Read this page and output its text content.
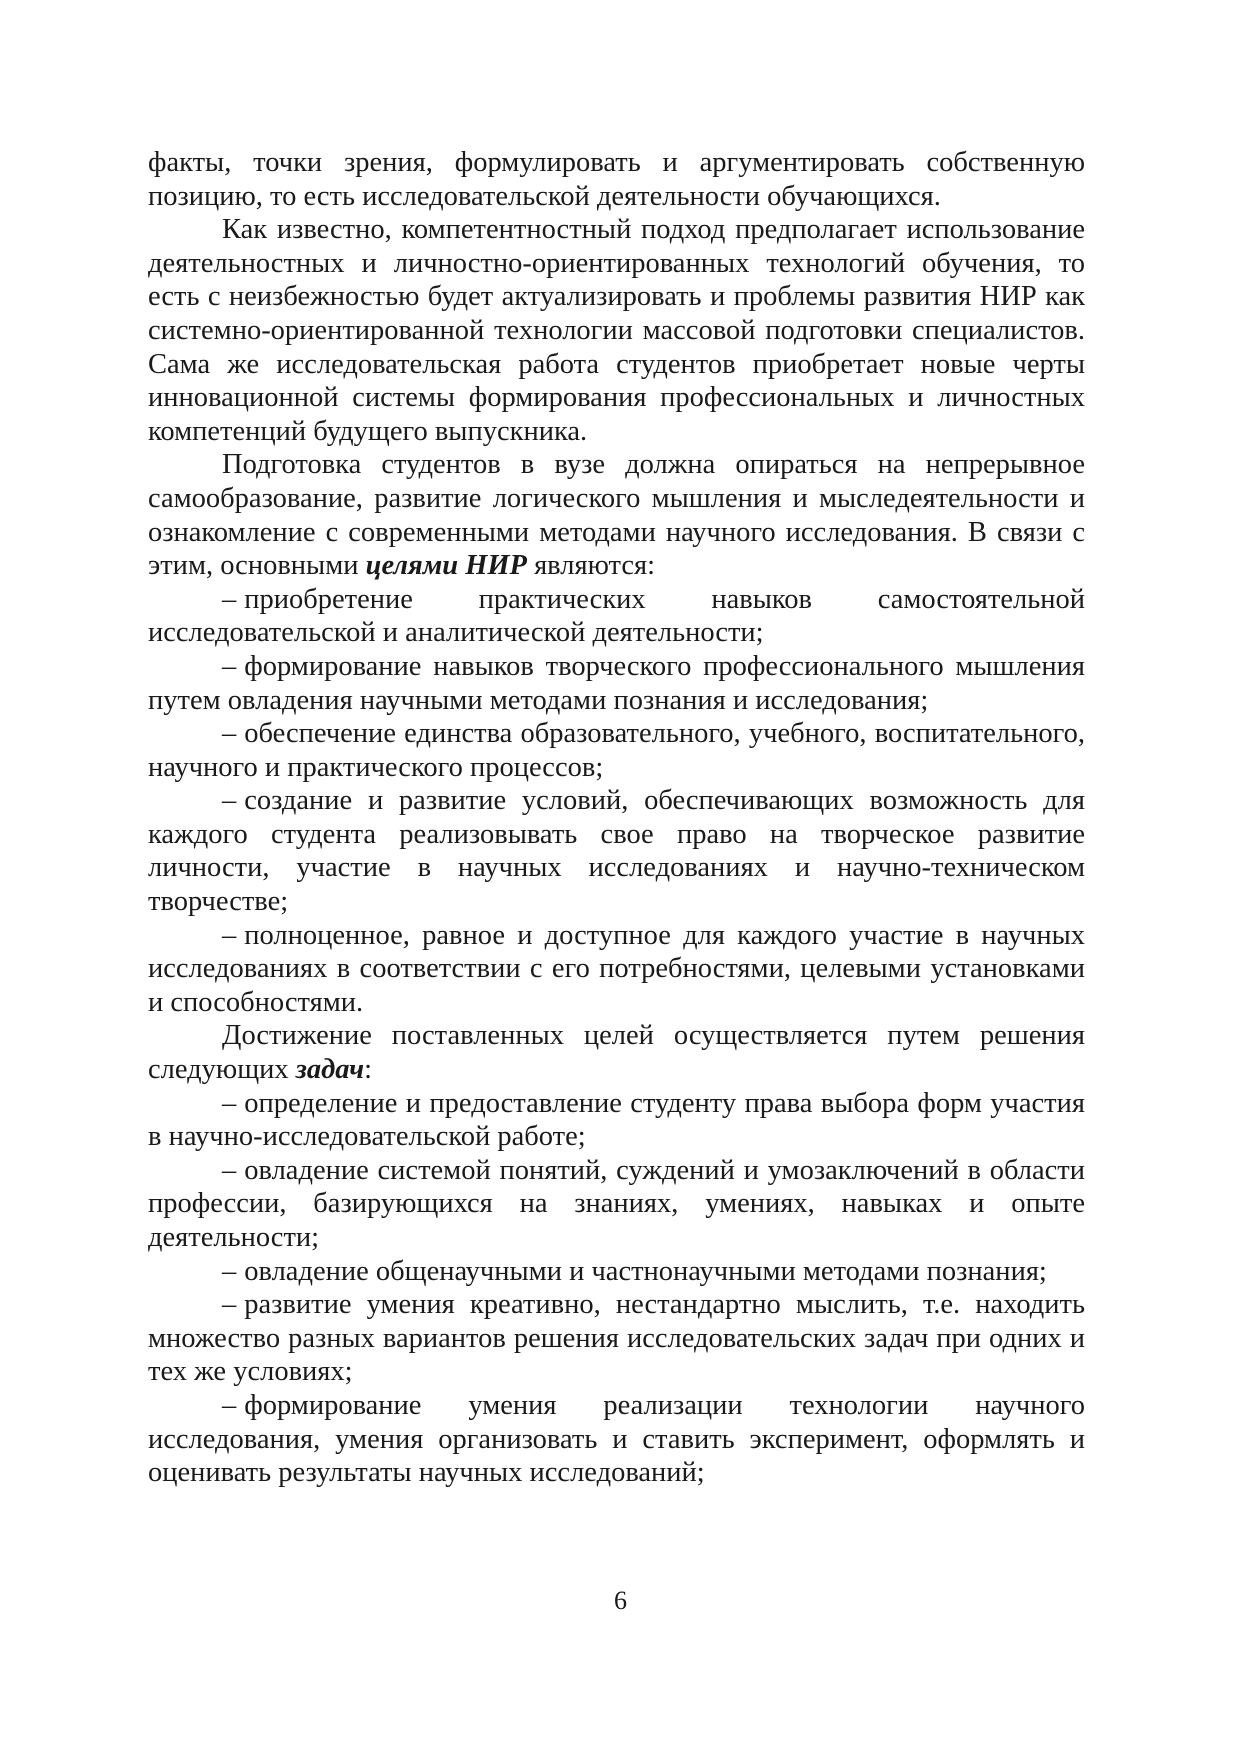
факты, точки зрения, формулировать и аргументировать собственную позицию, то есть исследовательской деятельности обучающихся.

Как известно, компетентностный подход предполагает использование деятельностных и личностно-ориентированных технологий обучения, то есть с неизбежностью будет актуализировать и проблемы развития НИР как системно-ориентированной технологии массовой подготовки специалистов. Сама же исследовательская работа студентов приобретает новые черты инновационной системы формирования профессиональных и личностных компетенций будущего выпускника.

Подготовка студентов в вузе должна опираться на непрерывное самообразование, развитие логического мышления и мыследеятельности и ознакомление с современными методами научного исследования. В связи с этим, основными целями НИР являются:

– приобретение практических навыков самостоятельной исследовательской и аналитической деятельности;

– формирование навыков творческого профессионального мышления путем овладения научными методами познания и исследования;

– обеспечение единства образовательного, учебного, воспитательного, научного и практического процессов;

– создание и развитие условий, обеспечивающих возможность для каждого студента реализовывать свое право на творческое развитие личности, участие в научных исследованиях и научно-техническом творчестве;

– полноценное, равное и доступное для каждого участие в научных исследованиях в соответствии с его потребностями, целевыми установками и способностями.

Достижение поставленных целей осуществляется путем решения следующих задач:

– определение и предоставление студенту права выбора форм участия в научно-исследовательской работе;

– овладение системой понятий, суждений и умозаключений в области профессии, базирующихся на знаниях, умениях, навыках и опыте деятельности;

– овладение общенаучными и частнонаучными методами познания;

– развитие умения креативно, нестандартно мыслить, т.е. находить множество разных вариантов решения исследовательских задач при одних и тех же условиях;

– формирование умения реализации технологии научного исследования, умения организовать и ставить эксперимент, оформлять и оценивать результаты научных исследований;

6
